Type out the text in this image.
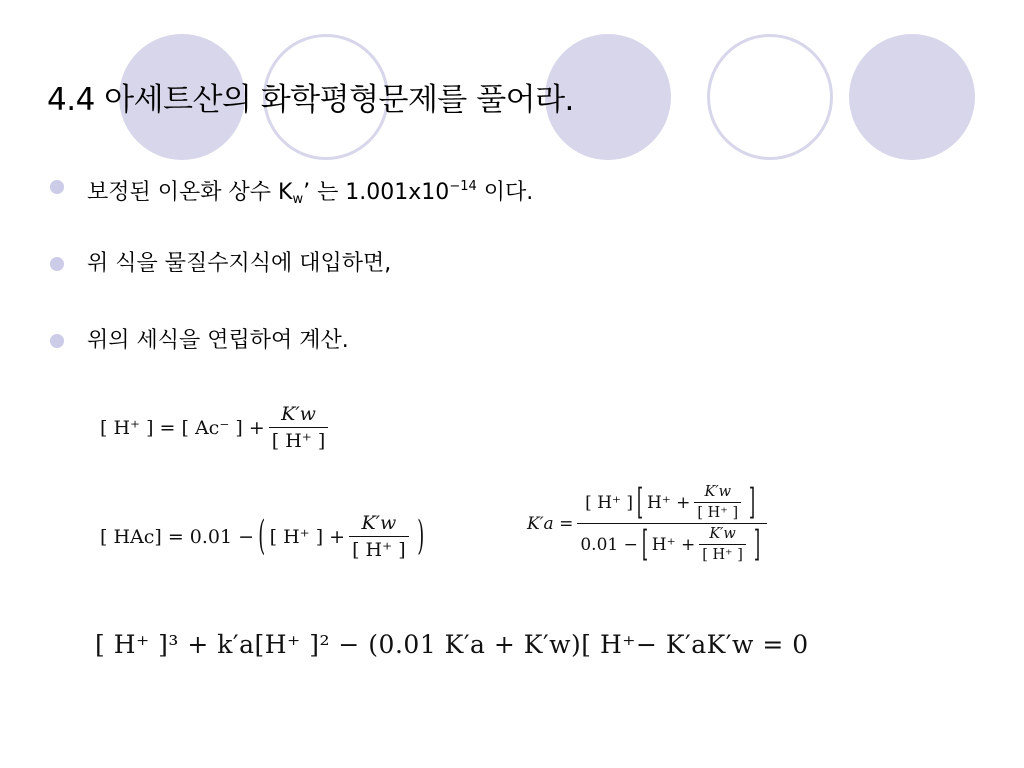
4.4 아세트산의 화학평형문제를 풀어라.
보정된 이온화 상수 $K_w$’ 는 $1.001x10^{-14}$ 이다.
위 식을 물질수지식에 대입하면,
위의 세식을 연립하여 계산.
[ H⁺ ] = [ Ac⁻ ] + $\frac{K'w}{[ H^+ ]}$
[ HAc] = 0.01 − ( [ H⁺ ] + $\frac{K'w}{[ H^+ ]}$ )	K′a =
[ H⁺ ] [ $H^+ + \frac{K'w}{[ H^+ ]}$ ]
0.01 − [ $H^+ + \frac{K'w}{[ H^+ ]}$ ]
[ H⁺ ]³ + k′a[H⁺ ]² − (0.01 K′a + K′w)[ H⁺− K′aK′w = 0
